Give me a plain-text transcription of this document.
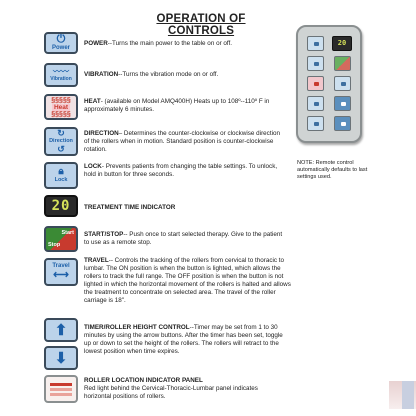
OPERATION OF CONTROLS
⏻
Power
POWER--Turns the main power to the table on or off.
〰〰
Vibration
VIBRATION--Turns the vibration mode on or off.
§§§§§
Heat
§§§§§
HEAT- (available on Model AMQ400H) Heats up to 108º--110º F in approximately 6 minutes.
↻
Direction
↺
DIRECTION– Determines the counter-clockwise or clockwise direction of the rollers when in motion. Standard position is counter-clockwise rotation.
🔒︎
Lock
LOCK- Prevents patients from changing the table settings. To unlock, hold in button for three seconds.
20 TREATMENT TIME INDICATOR
Start
Stop
START/STOP-- Push once to start selected therapy. Give to the patient to use as a remote stop.
Travel
⟷
TRAVEL-- Controls the tracking of the rollers from cervical to thoracic to lumbar. The ON position is when the button is lighted, which allows the rollers to track the full range. The OFF position is when the button is not lighted in which the horizontal movement of the rollers is halted and allows the treatment to concentrate on selected area. The travel of the roller carriage is 18".
⬆
⬇
TIMER/ROLLER HEIGHT CONTROL--Timer may be set from 1 to 30 minutes by using the arrow buttons. After the timer has been set, toggle up or down to set the height of the rollers. The rollers will retract to the lowest position when time expires.
ROLLER LOCATION INDICATOR PANEL
Red light behind the Cervical-Thoracic-Lumbar panel indicates horizontal positions of rollers.
20
NOTE: Remote control automatically defaults to last settings used.
